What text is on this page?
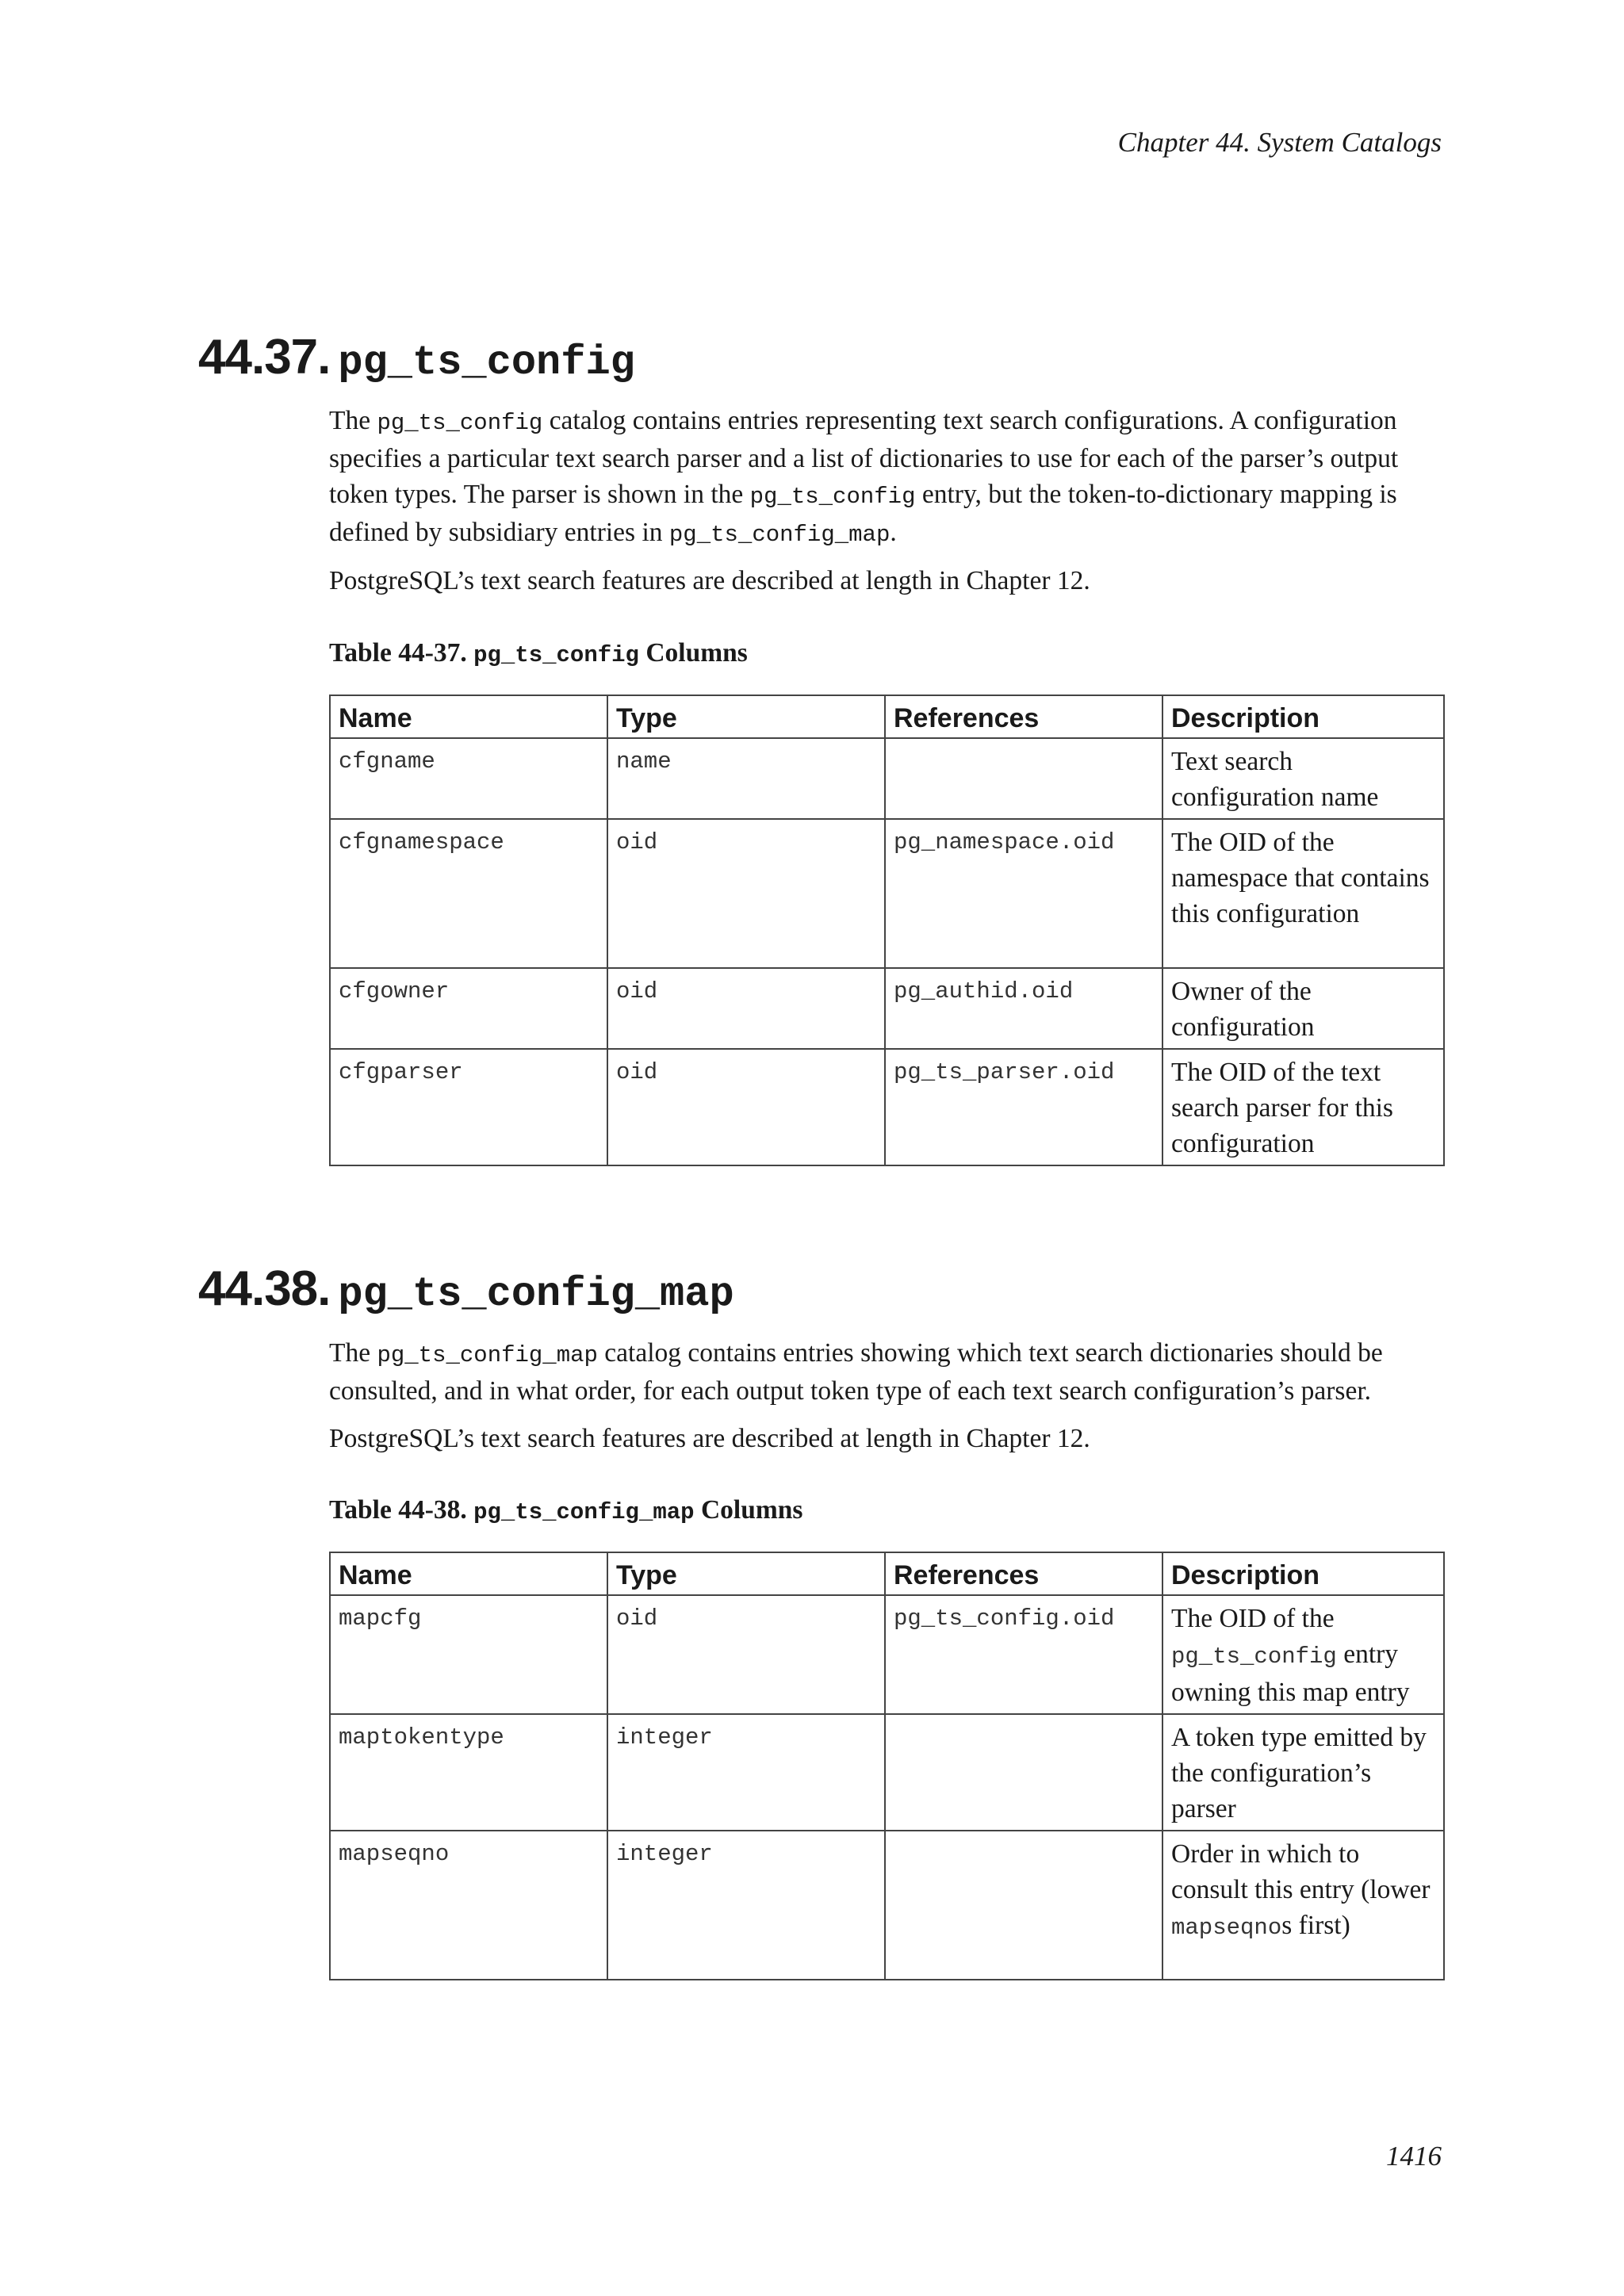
Chapter 44. System Catalogs
44.37. pg_ts_config

The pg_ts_config catalog contains entries representing text search configurations. A configuration specifies a particular text search parser and a list of dictionaries to use for each of the parser’s output token types. The parser is shown in the pg_ts_config entry, but the token-to-dictionary mapping is defined by subsidiary entries in pg_ts_config_map.

PostgreSQL’s text search features are described at length in Chapter 12.

Table 44-37. pg_ts_config Columns

Name	Type	References	Description
cfgname	name		Text search configuration name
cfgnamespace	oid	pg_namespace.oid	The OID of the namespace that contains this configuration
cfgowner	oid	pg_authid.oid	Owner of the configuration
cfgparser	oid	pg_ts_parser.oid	The OID of the text search parser for this configuration
44.38. pg_ts_config_map

The pg_ts_config_map catalog contains entries showing which text search dictionaries should be consulted, and in what order, for each output token type of each text search configuration’s parser.

PostgreSQL’s text search features are described at length in Chapter 12.

Table 44-38. pg_ts_config_map Columns

Name	Type	References	Description
mapcfg	oid	pg_ts_config.oid	The OID of the pg_ts_config entry owning this map entry
maptokentype	integer		A token type emitted by the configuration’s parser
mapseqno	integer		Order in which to consult this entry (lower mapseqnos first)
1416
